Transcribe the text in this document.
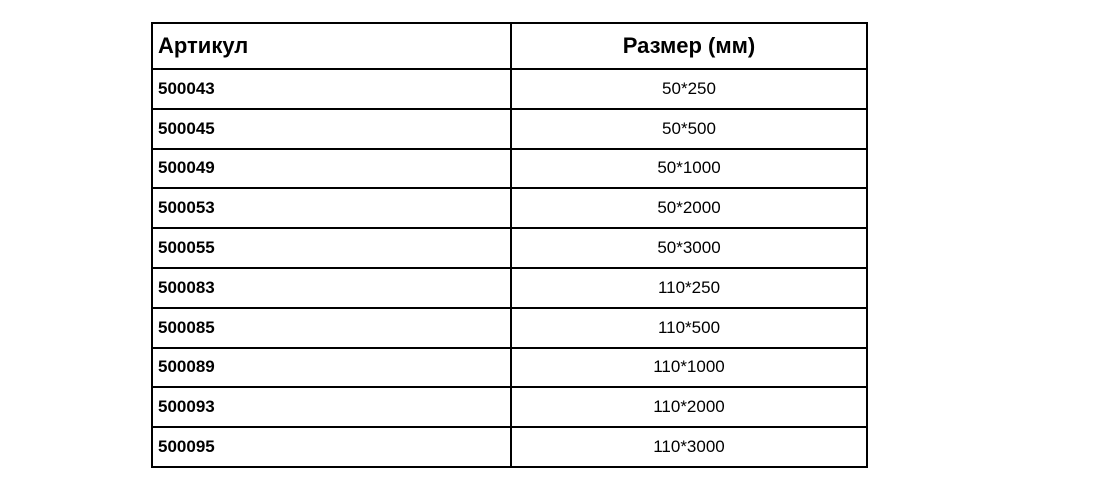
Артикул	Размер (мм)
500043	50*250
500045	50*500
500049	50*1000
500053	50*2000
500055	50*3000
500083	110*250
500085	110*500
500089	110*1000
500093	110*2000
500095	110*3000
